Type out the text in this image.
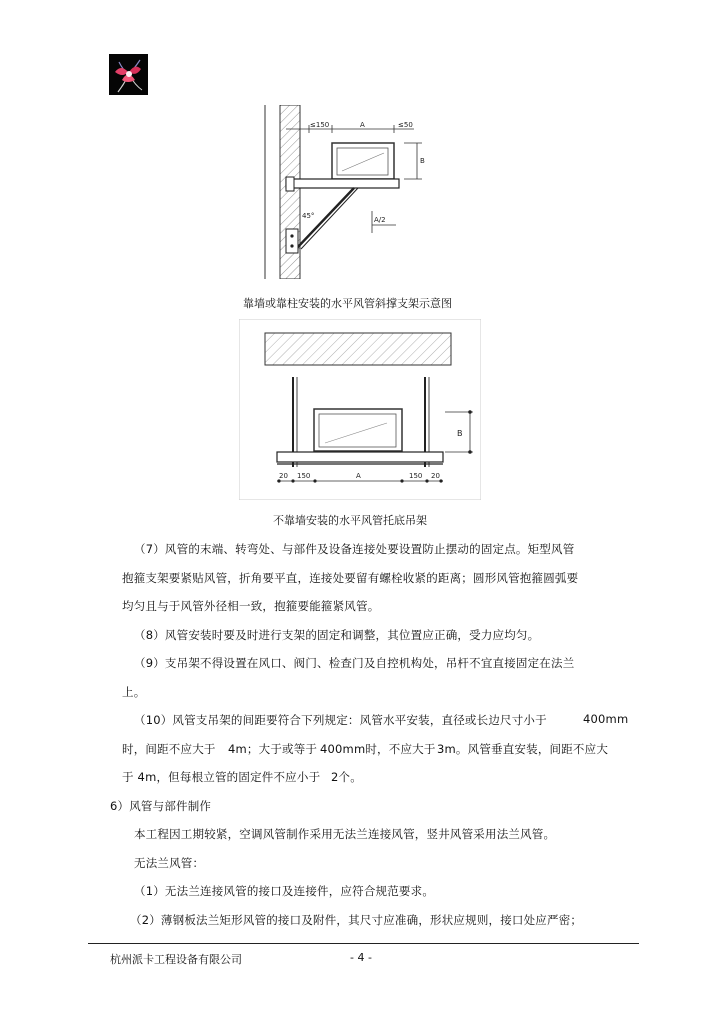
≤150	A	≤50
B
45°	A/2
靠墙或靠柱安装的水平风管斜撑支架示意图
B
20 150	A	150 20
不靠墙安装的水平风管托底吊架
（7）风管的末端、转弯处、与部件及设备连接处要设置防止摆动的固定点。矩型风管
抱箍支架要紧贴风管，折角要平直，连接处要留有螺栓收紧的距离；圆形风管抱箍圆弧要
均匀且与于风管外径相一致，抱箍要能箍紧风管。
（8）风管安装时要及时进行支架的固定和调整，其位置应正确，受力应均匀。
（9）支吊架不得设置在风口、阀门、检查门及自控机构处，吊杆不宜直接固定在法兰
上。
（10）风管支吊架的间距要符合下列规定：风管水平安装，直径或长边尺寸小于	400mm
时，间距不应大于 4m；大于或等于 400mm时，不应大于 3m。风管垂直安装，间距不应大
于 4m，但每根立管的固定件不应小于 2个。
6）风管与部件制作
本工程因工期较紧，空调风管制作采用无法兰连接风管，竖井风管采用法兰风管。
无法兰风管：
（1）无法兰连接风管的接口及连接件，应符合规范要求。
（2）薄钢板法兰矩形风管的接口及附件，其尺寸应准确，形状应规则，接口处应严密；
杭州派卡工程设备有限公司	- 4 -
